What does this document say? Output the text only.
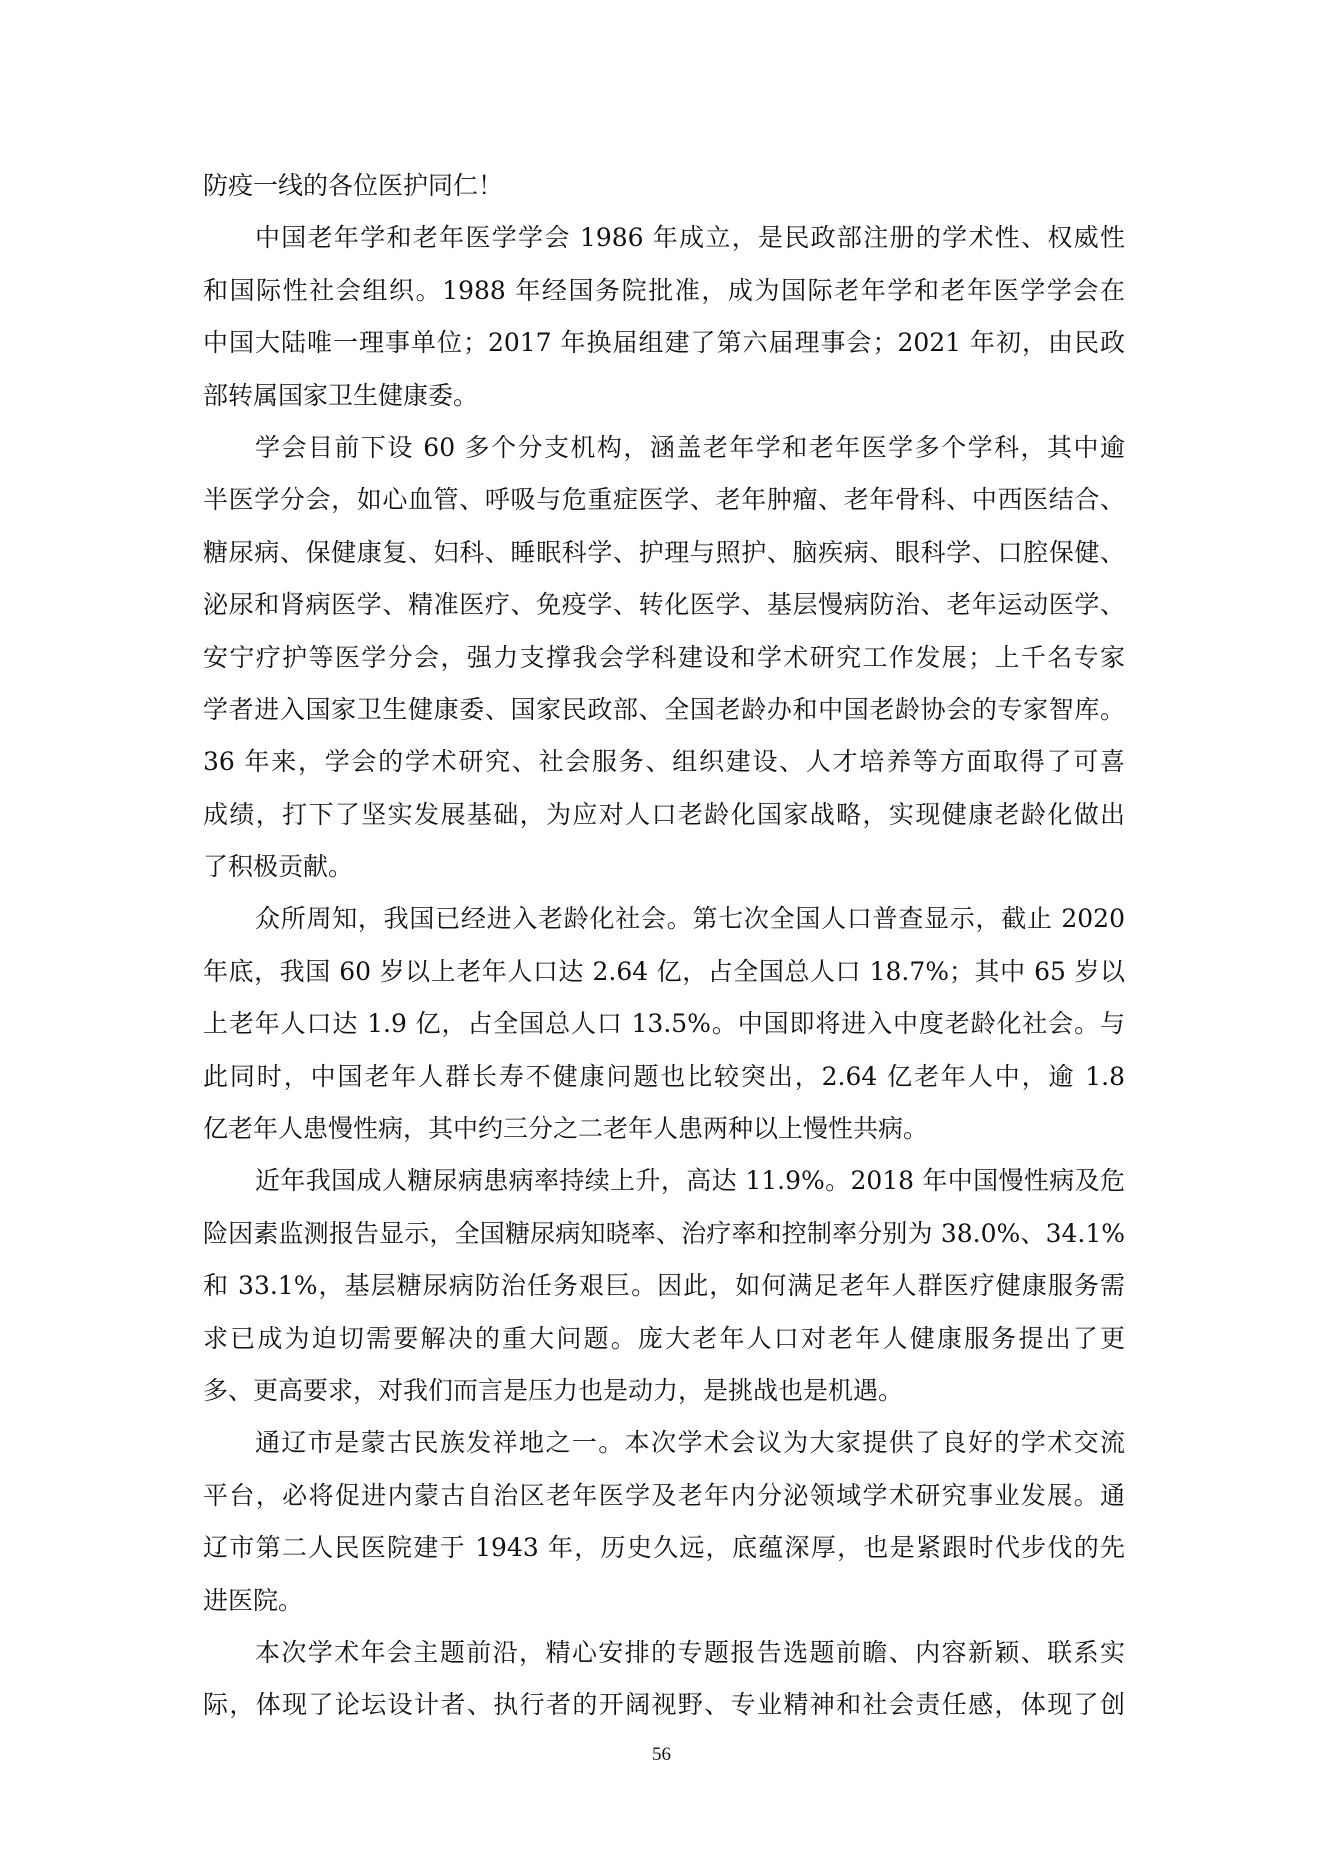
防疫一线的各位医护同仁！
中国老年学和老年医学学会 1986 年成立，是民政部注册的学术性、权威性
和国际性社会组织。1988 年经国务院批准，成为国际老年学和老年医学学会在
中国大陆唯一理事单位；2017 年换届组建了第六届理事会；2021 年初，由民政
部转属国家卫生健康委。
学会目前下设 60 多个分支机构，涵盖老年学和老年医学多个学科，其中逾
半医学分会，如心血管、呼吸与危重症医学、老年肿瘤、老年骨科、中西医结合、
糖尿病、保健康复、妇科、睡眠科学、护理与照护、脑疾病、眼科学、口腔保健、
泌尿和肾病医学、精准医疗、免疫学、转化医学、基层慢病防治、老年运动医学、
安宁疗护等医学分会，强力支撑我会学科建设和学术研究工作发展；上千名专家
学者进入国家卫生健康委、国家民政部、全国老龄办和中国老龄协会的专家智库。
36 年来，学会的学术研究、社会服务、组织建设、人才培养等方面取得了可喜
成绩，打下了坚实发展基础，为应对人口老龄化国家战略，实现健康老龄化做出
了积极贡献。
众所周知，我国已经进入老龄化社会。第七次全国人口普查显示，截止 2020
年底，我国 60 岁以上老年人口达 2.64 亿，占全国总人口 18.7%；其中 65 岁以
上老年人口达 1.9 亿，占全国总人口 13.5%。中国即将进入中度老龄化社会。与
此同时，中国老年人群长寿不健康问题也比较突出，2.64 亿老年人中，逾 1.8
亿老年人患慢性病，其中约三分之二老年人患两种以上慢性共病。
近年我国成人糖尿病患病率持续上升，高达 11.9%。2018 年中国慢性病及危
险因素监测报告显示，全国糖尿病知晓率、治疗率和控制率分别为 38.0%、34.1%
和 33.1%，基层糖尿病防治任务艰巨。因此，如何满足老年人群医疗健康服务需
求已成为迫切需要解决的重大问题。庞大老年人口对老年人健康服务提出了更
多、更高要求，对我们而言是压力也是动力，是挑战也是机遇。
通辽市是蒙古民族发祥地之一。本次学术会议为大家提供了良好的学术交流
平台，必将促进内蒙古自治区老年医学及老年内分泌领域学术研究事业发展。通
辽市第二人民医院建于 1943 年，历史久远，底蕴深厚，也是紧跟时代步伐的先
进医院。
本次学术年会主题前沿，精心安排的专题报告选题前瞻、内容新颖、联系实
际，体现了论坛设计者、执行者的开阔视野、专业精神和社会责任感，体现了创
56
